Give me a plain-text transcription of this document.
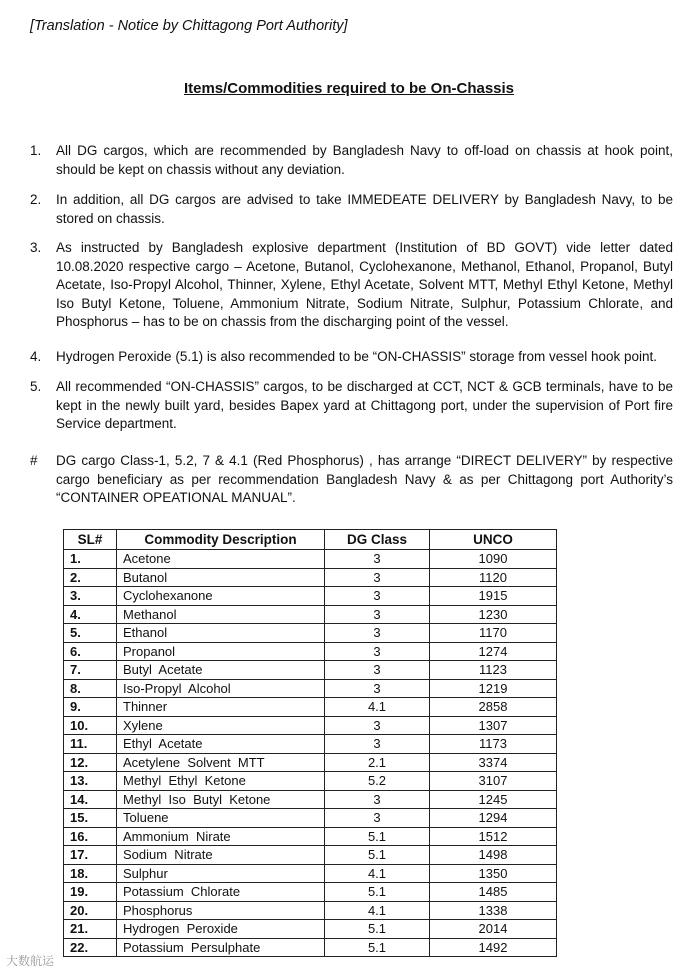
[Translation - Notice by Chittagong Port Authority]
Items/Commodities required to be On-Chassis
1. All DG cargos, which are recommended by Bangladesh Navy to off-load on chassis at hook point, should be kept on chassis without any deviation.
2. In addition, all DG cargos are advised to take IMMEDEATE DELIVERY by Bangladesh Navy, to be stored on chassis.
3. As instructed by Bangladesh explosive department (Institution of BD GOVT) vide letter dated 10.08.2020 respective cargo – Acetone, Butanol, Cyclohexanone, Methanol, Ethanol, Propanol, Butyl Acetate, Iso-Propyl Alcohol, Thinner, Xylene, Ethyl Acetate, Solvent MTT, Methyl Ethyl Ketone, Methyl Iso Butyl Ketone, Toluene, Ammonium Nitrate, Sodium Nitrate, Sulphur, Potassium Chlorate, and Phosphorus – has to be on chassis from the discharging point of the vessel.
4. Hydrogen Peroxide (5.1) is also recommended to be “ON-CHASSIS” storage from vessel hook point.
5. All recommended “ON-CHASSIS” cargos, to be discharged at CCT, NCT & GCB terminals, have to be kept in the newly built yard, besides Bapex yard at Chittagong port, under the supervision of Port fire Service department.
# DG cargo Class-1, 5.2, 7 & 4.1 (Red Phosphorus) , has arrange “DIRECT DELIVERY” by respective cargo beneficiary as per recommendation Bangladesh Navy & as per Chittagong port Authority’s “CONTAINER OPEATIONAL MANUAL”.
SL#	Commodity Description	DG Class	UNCO
1.	Acetone	3	1090
2.	Butanol	3	1120
3.	Cyclohexanone	3	1915
4.	Methanol	3	1230
5.	Ethanol	3	1170
6.	Propanol	3	1274
7.	Butyl  Acetate	3	1123
8.	Iso-Propyl  Alcohol	3	1219
9.	Thinner	4.1	2858
10.	Xylene	3	1307
11.	Ethyl  Acetate	3	1173
12.	Acetylene  Solvent  MTT	2.1	3374
13.	Methyl  Ethyl  Ketone	5.2	3107
14.	Methyl  Iso  Butyl  Ketone	3	1245
15.	Toluene	3	1294
16.	Ammonium  Nirate	5.1	1512
17.	Sodium  Nitrate	5.1	1498
18.	Sulphur	4.1	1350
19.	Potassium  Chlorate	5.1	1485
20.	Phosphorus	4.1	1338
21.	Hydrogen  Peroxide	5.1	2014
22.	Potassium  Persulphate	5.1	1492
大数航运
